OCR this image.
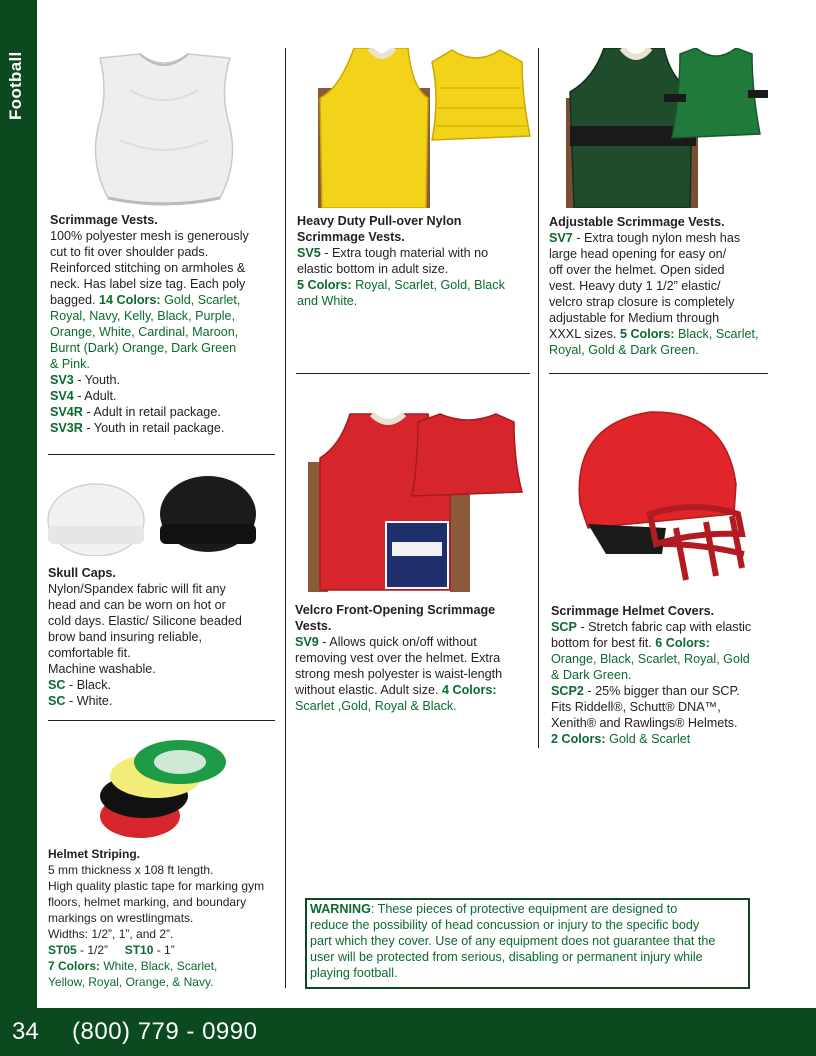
Football
34 (800) 779 - 0990
Scrimmage Vests.
100% polyester mesh is generously
cut to fit over shoulder pads.
Reinforced stitching on armholes &
neck. Has label size tag. Each poly
bagged. 14 Colors: Gold, Scarlet,
Royal, Navy, Kelly, Black, Purple,
Orange, White, Cardinal, Maroon,
Burnt (Dark) Orange, Dark Green
& Pink.
SV3 - Youth.
SV4 - Adult.
SV4R - Adult in retail package.
SV3R - Youth in retail package.
Heavy Duty Pull-over Nylon
Scrimmage Vests.
SV5 - Extra tough material with no
elastic bottom in adult size.
5 Colors: Royal, Scarlet, Gold, Black
and White.
Adjustable Scrimmage Vests.
SV7 - Extra tough nylon mesh has
large head opening for easy on/
off over the helmet. Open sided
vest. Heavy duty 1 1/2” elastic/
velcro strap closure is completely
adjustable for Medium through
XXXL sizes. 5 Colors: Black, Scarlet,
Royal, Gold & Dark Green.
Skull Caps.
Nylon/Spandex fabric will fit any
head and can be worn on hot or
cold days. Elastic/ Silicone beaded
brow band insuring reliable,
comfortable fit.
Machine washable.
SC - Black.
SC - White.
Velcro Front-Opening Scrimmage
Vests.
SV9 - Allows quick on/off without
removing vest over the helmet. Extra
strong mesh polyester is waist-length
without elastic. Adult size. 4 Colors:
Scarlet ,Gold, Royal & Black.
Scrimmage Helmet Covers.
SCP - Stretch fabric cap with elastic
bottom for best fit. 6 Colors:
Orange, Black, Scarlet, Royal, Gold
& Dark Green.
SCP2 - 25% bigger than our SCP.
Fits Riddell®, Schutt® DNA™,
Xenith® and Rawlings® Helmets.
2 Colors: Gold & Scarlet
Helmet Striping.
5 mm thickness x 108 ft length.
High quality plastic tape for marking gym
floors, helmet marking, and boundary
markings on wrestlingmats.
Widths: 1/2”, 1”, and 2”.
ST05 - 1/2”     ST10 - 1”
7 Colors: White, Black, Scarlet,
Yellow, Royal, Orange, & Navy.
WARNING: These pieces of protective equipment are designed to
reduce the possibility of head concussion or injury to the specific body
part which they cover. Use of any equipment does not guarantee that the
user will be protected from serious, disabling or permanent injury while
playing football.
